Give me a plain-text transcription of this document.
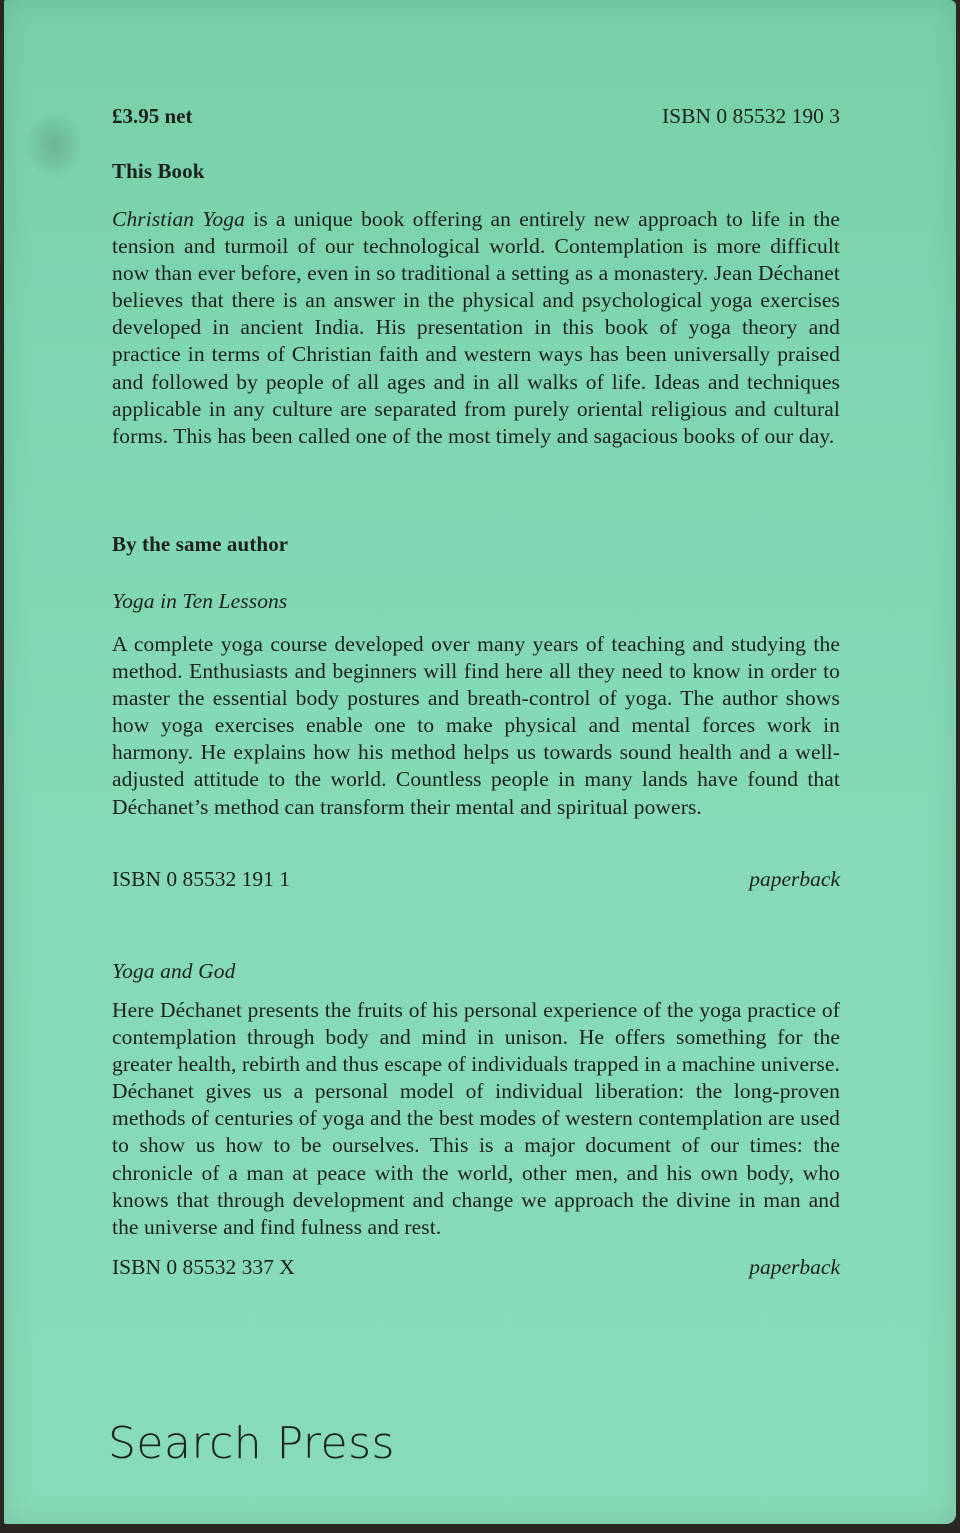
£3.95 net	ISBN 0 85532 190 3
This Book
Christian Yoga is a unique book offering an entirely new approach to life in the tension and turmoil of our technological world. Contemplation is more difficult now than ever before, even in so traditional a setting as a monastery. Jean Déchanet believes that there is an answer in the physical and psychological yoga exercises developed in ancient India. His presentation in this book of yoga theory and practice in terms of Christian faith and western ways has been universally praised and followed by people of all ages and in all walks of life. Ideas and techniques applicable in any culture are separated from purely oriental religious and cultural forms. This has been called one of the most timely and sagacious books of our day.
By the same author
Yoga in Ten Lessons
A complete yoga course developed over many years of teaching and studying the method. Enthusiasts and beginners will find here all they need to know in order to master the essential body postures and breath-control of yoga. The author shows how yoga exercises enable one to make physical and mental forces work in harmony. He explains how his method helps us towards sound health and a well-adjusted attitude to the world. Countless people in many lands have found that Déchanet’s method can transform their mental and spiritual powers.
ISBN 0 85532 191 1	paperback
Yoga and God
Here Déchanet presents the fruits of his personal experience of the yoga practice of contemplation through body and mind in unison. He offers something for the greater health, rebirth and thus escape of individuals trapped in a machine universe. Déchanet gives us a personal model of individual liberation: the long-proven methods of centuries of yoga and the best modes of western contemplation are used to show us how to be ourselves. This is a major document of our times: the chronicle of a man at peace with the world, other men, and his own body, who knows that through development and change we approach the divine in man and the universe and find fulness and rest.
ISBN 0 85532 337 X	paperback
Search Press
